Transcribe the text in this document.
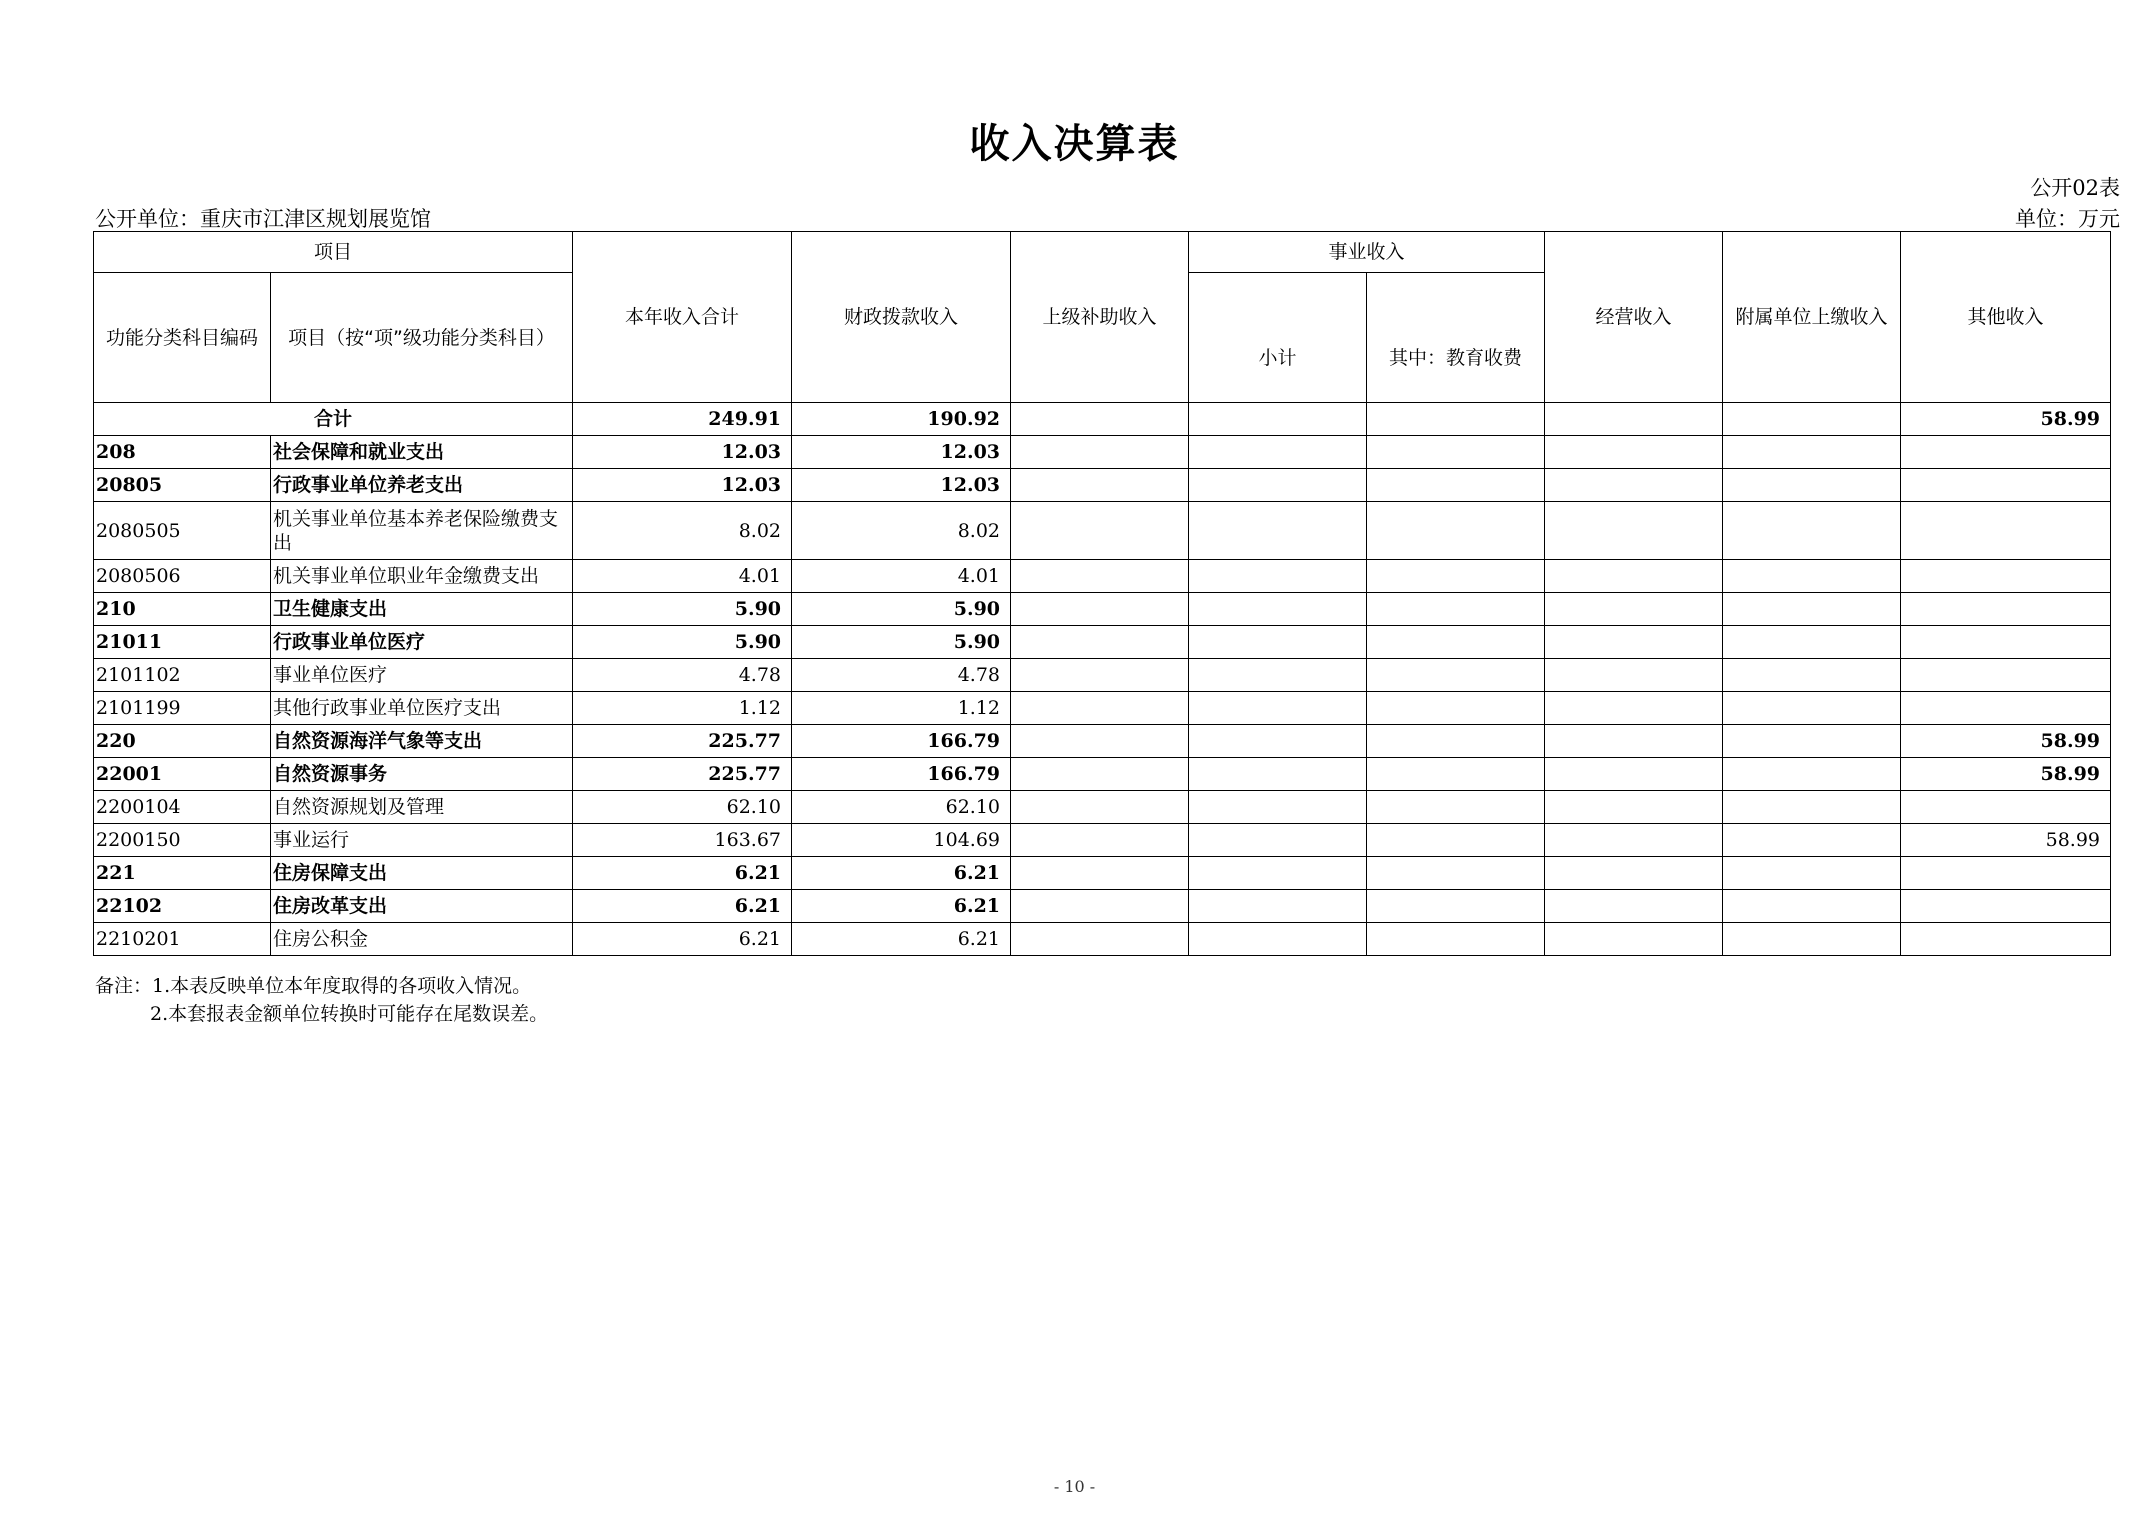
收入决算表
公开02表
公开单位：重庆市江津区规划展览馆	单位：万元
项目		本年收入合计	财政拨款收入	上级补助收入	事业收入		经营收入	附属单位上缴收入	其他收入
功能分类科目编码	项目（按“项”级功能分类科目）				小计	其中：教育收费			
合计		249.91	190.92						58.99
208	社会保障和就业支出	12.03	12.03						
20805	行政事业单位养老支出	12.03	12.03						
2080505	机关事业单位基本养老保险缴费支出	8.02	8.02						
2080506	机关事业单位职业年金缴费支出	4.01	4.01						
210	卫生健康支出	5.90	5.90						
21011	行政事业单位医疗	5.90	5.90						
2101102	事业单位医疗	4.78	4.78						
2101199	其他行政事业单位医疗支出	1.12	1.12						
220	自然资源海洋气象等支出	225.77	166.79						58.99
22001	自然资源事务	225.77	166.79						58.99
2200104	自然资源规划及管理	62.10	62.10						
2200150	事业运行	163.67	104.69						58.99
221	住房保障支出	6.21	6.21						
22102	住房改革支出	6.21	6.21						
2210201	住房公积金	6.21	6.21						
备注：1.本表反映单位本年度取得的各项收入情况。
2.本套报表金额单位转换时可能存在尾数误差。
- 10 -
